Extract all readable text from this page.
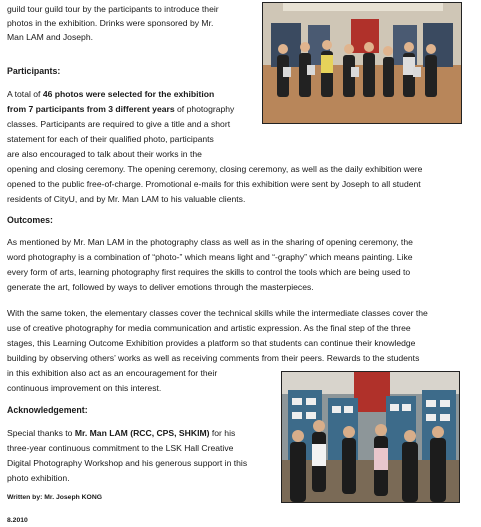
guild tour guild tour by the participants to introduce their

photos in the exhibition. Drinks were sponsored by Mr.

Man LAM and Joseph.

Participants:

A total of 46 photos were selected for the exhibition

from 7 participants from 3 different years of photography

classes. Participants are required to give a title and a short

statement for each of their qualified photo, participants

are also encouraged to talk about their works in the

opening and closing ceremony. The opening ceremony, closing ceremony, as well as the daily exhibition were

opened to the public free-of-charge. Promotional e-mails for this exhibition were sent by Joseph to all student

residents of CityU, and by Mr. Man LAM to his valuable clients.

Outcomes:

As mentioned by Mr. Man LAM in the photography class as well as in the sharing of opening ceremony, the

word photography is a combination of “photo-” which means light and “-graphy” which means painting. Like

every form of arts, learning photography first requires the skills to control the tools which are being used to

generate the art, followed by ways to deliver emotions through the masterpieces.

With the same token, the elementary classes cover the technical skills while the intermediate classes cover the

use of creative photography for media communication and artistic expression. As the final step of the three

stages, this Learning Outcome Exhibition provides a platform so that students can continue their knowledge

building by observing others’ works as well as receiving comments from their peers. Rewards to the students

in this exhibition also act as an encouragement for their

continuous improvement on this interest.

Acknowledgement:

Special thanks to Mr. Man LAM (RCC, CPS, SHKIM) for his

three-year continuous commitment to the LSK Hall Creative

Digital Photography Workshop and his generous support in this

photo exhibition.

Written by: Mr. Joseph KONG

8.2010
